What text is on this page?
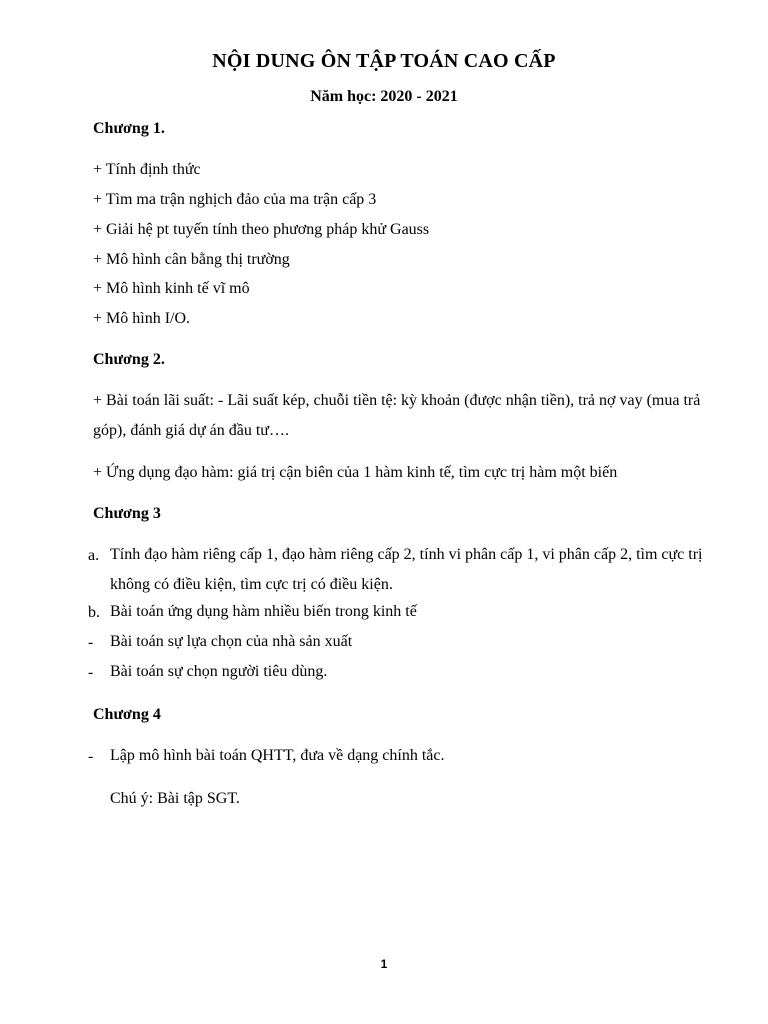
NỘI DUNG ÔN TẬP TOÁN CAO CẤP
Năm học: 2020 - 2021
Chương 1.
+ Tính định thức
+ Tìm ma trận nghịch đảo của ma trận cấp 3
+ Giải hệ pt tuyến tính theo phương pháp khử Gauss
+ Mô hình cân bằng thị trường
+ Mô hình kinh tế vĩ mô
+ Mô hình I/O.
Chương 2.
+ Bài toán lãi suất: - Lãi suất kép, chuỗi tiền tệ: kỳ khoản (được nhận tiền), trả nợ vay (mua trả góp), đánh giá dự án đầu tư….
+ Ứng dụng đạo hàm: giá trị cận biên của 1 hàm kinh tế, tìm cực trị hàm một biến
Chương 3
a. Tính đạo hàm riêng cấp 1, đạo hàm riêng cấp 2, tính vi phân cấp 1, vi phân cấp 2, tìm cực trị không có điều kiện, tìm cực trị có điều kiện.
b. Bài toán ứng dụng hàm nhiều biến trong kinh tế
- Bài toán sự lựa chọn của nhà sản xuất
- Bài toán sự chọn người tiêu dùng.
Chương 4
- Lập mô hình bài toán QHTT, đưa về dạng chính tắc.
Chú ý: Bài tập SGT.
1
